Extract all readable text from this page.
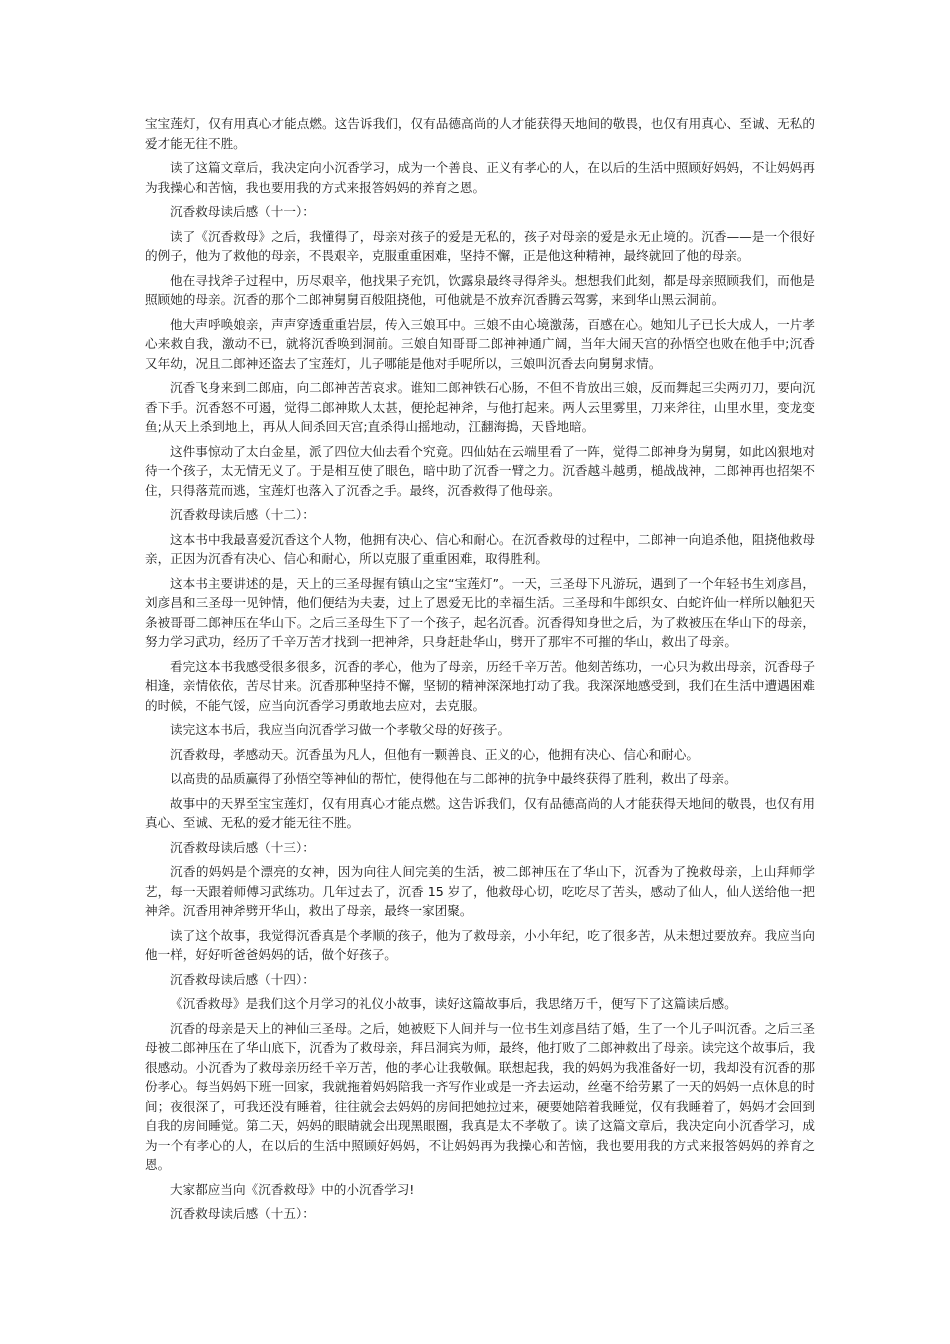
宝宝莲灯，仅有用真心才能点燃。这告诉我们，仅有品德高尚的人才能获得天地间的敬畏，也仅有用真心、至诚、无私的爱才能无往不胜。

读了这篇文章后，我决定向小沉香学习，成为一个善良、正义有孝心的人，在以后的生活中照顾好妈妈，不让妈妈再为我操心和苦恼，我也要用我的方式来报答妈妈的养育之恩。

沉香救母读后感（十一）：

读了《沉香救母》之后，我懂得了，母亲对孩子的爱是无私的，孩子对母亲的爱是永无止境的。沉香——是一个很好的例子，他为了救他的母亲，不畏艰辛，克服重重困难，坚持不懈，正是他这种精神，最终就回了他的母亲。

他在寻找斧子过程中，历尽艰辛，他找果子充饥，饮露泉最终寻得斧头。想想我们此刻，都是母亲照顾我们，而他是照顾她的母亲。沉香的那个二郎神舅舅百般阻挠他，可他就是不放弃沉香腾云驾雾，来到华山黑云洞前。

他大声呼唤娘亲，声声穿透重重岩层，传入三娘耳中。三娘不由心境激荡，百感在心。她知儿子已长大成人，一片孝心来救自我，激动不已，就将沉香唤到洞前。三娘自知哥哥二郎神神通广阔，当年大闹天宫的孙悟空也败在他手中;沉香又年幼，况且二郎神还盗去了宝莲灯，儿子哪能是他对手呢所以，三娘叫沉香去向舅舅求情。

沉香飞身来到二郎庙，向二郎神苦苦哀求。谁知二郎神铁石心肠，不但不肯放出三娘，反而舞起三尖两刃刀，要向沉香下手。沉香怒不可遏，觉得二郎神欺人太甚，便抡起神斧，与他打起来。两人云里雾里，刀来斧往，山里水里，变龙变鱼;从天上杀到地上，再从人间杀回天宫;直杀得山摇地动，江翻海搗，天昏地暗。

这件事惊动了太白金星，派了四位大仙去看个究竟。四仙姑在云端里看了一阵，觉得二郎神身为舅舅，如此凶狠地对待一个孩子，太无情无义了。于是相互使了眼色，暗中助了沉香一臂之力。沉香越斗越勇，槌战战神，二郎神再也招架不住，只得落荒而逃，宝莲灯也落入了沉香之手。最终，沉香救得了他母亲。

沉香救母读后感（十二）：

这本书中我最喜爱沉香这个人物，他拥有决心、信心和耐心。在沉香救母的过程中，二郎神一向追杀他，阻挠他救母亲，正因为沉香有决心、信心和耐心，所以克服了重重困难，取得胜利。

这本书主要讲述的是，天上的三圣母握有镇山之宝“宝莲灯”。一天，三圣母下凡游玩，遇到了一个年轻书生刘彦昌，刘彦昌和三圣母一见钟情，他们便结为夫妻，过上了恩爱无比的幸福生活。三圣母和牛郎织女、白蛇许仙一样所以触犯天条被哥哥二郎神压在华山下。之后三圣母生下了一个孩子，起名沉香。沉香得知身世之后，为了救被压在华山下的母亲，努力学习武功，经历了千辛万苦才找到一把神斧，只身赶赴华山，劈开了那牢不可摧的华山，救出了母亲。

看完这本书我感受很多很多，沉香的孝心，他为了母亲，历经千辛万苦。他刻苦练功，一心只为救出母亲，沉香母子相逢，亲情依依，苦尽甘来。沉香那种坚持不懈，坚韧的精神深深地打动了我。我深深地感受到，我们在生活中遭遇困难的时候，不能气馁，应当向沉香学习勇敢地去应对，去克服。

读完这本书后，我应当向沉香学习做一个孝敬父母的好孩子。

沉香救母，孝感动天。沉香虽为凡人，但他有一颗善良、正义的心，他拥有决心、信心和耐心。

以高贵的品质赢得了孙悟空等神仙的帮忙，使得他在与二郎神的抗争中最终获得了胜利，救出了母亲。

故事中的天界至宝宝莲灯，仅有用真心才能点燃。这告诉我们，仅有品德高尚的人才能获得天地间的敬畏，也仅有用真心、至诚、无私的爱才能无往不胜。

沉香救母读后感（十三）：

沉香的妈妈是个漂亮的女神，因为向往人间完美的生活，被二郎神压在了华山下，沉香为了挽救母亲，上山拜师学艺，每一天跟着师傅习武练功。几年过去了，沉香 15 岁了，他救母心切，吃吃尽了苦头，感动了仙人，仙人送给他一把神斧。沉香用神斧劈开华山，救出了母亲，最终一家团聚。

读了这个故事，我觉得沉香真是个孝顺的孩子，他为了救母亲，小小年纪，吃了很多苦，从未想过要放弃。我应当向他一样，好好听爸爸妈妈的话，做个好孩子。

沉香救母读后感（十四）：

《沉香救母》是我们这个月学习的礼仪小故事，读好这篇故事后，我思绪万千，便写下了这篇读后感。

沉香的母亲是天上的神仙三圣母。之后，她被贬下人间并与一位书生刘彦昌结了婚，生了一个儿子叫沉香。之后三圣母被二郎神压在了华山底下，沉香为了救母亲，拜吕洞宾为师，最终，他打败了二郎神救出了母亲。读完这个故事后，我很感动。小沉香为了救母亲历经千辛万苦，他的孝心让我敬佩。联想起我，我的妈妈为我准备好一切，我却没有沉香的那份孝心。每当妈妈下班一回家，我就拖着妈妈陪我一齐写作业或是一齐去运动，丝毫不给劳累了一天的妈妈一点休息的时间；夜很深了，可我还没有睡着，往往就会去妈妈的房间把她拉过来，硬要她陪着我睡觉，仅有我睡着了，妈妈才会回到自我的房间睡觉。第二天，妈妈的眼睛就会出现黑眼圈，我真是太不孝敬了。读了这篇文章后，我决定向小沉香学习，成为一个有孝心的人，在以后的生活中照顾好妈妈，不让妈妈再为我操心和苦恼，我也要用我的方式来报答妈妈的养育之恩。

大家都应当向《沉香救母》中的小沉香学习!

沉香救母读后感（十五）：
